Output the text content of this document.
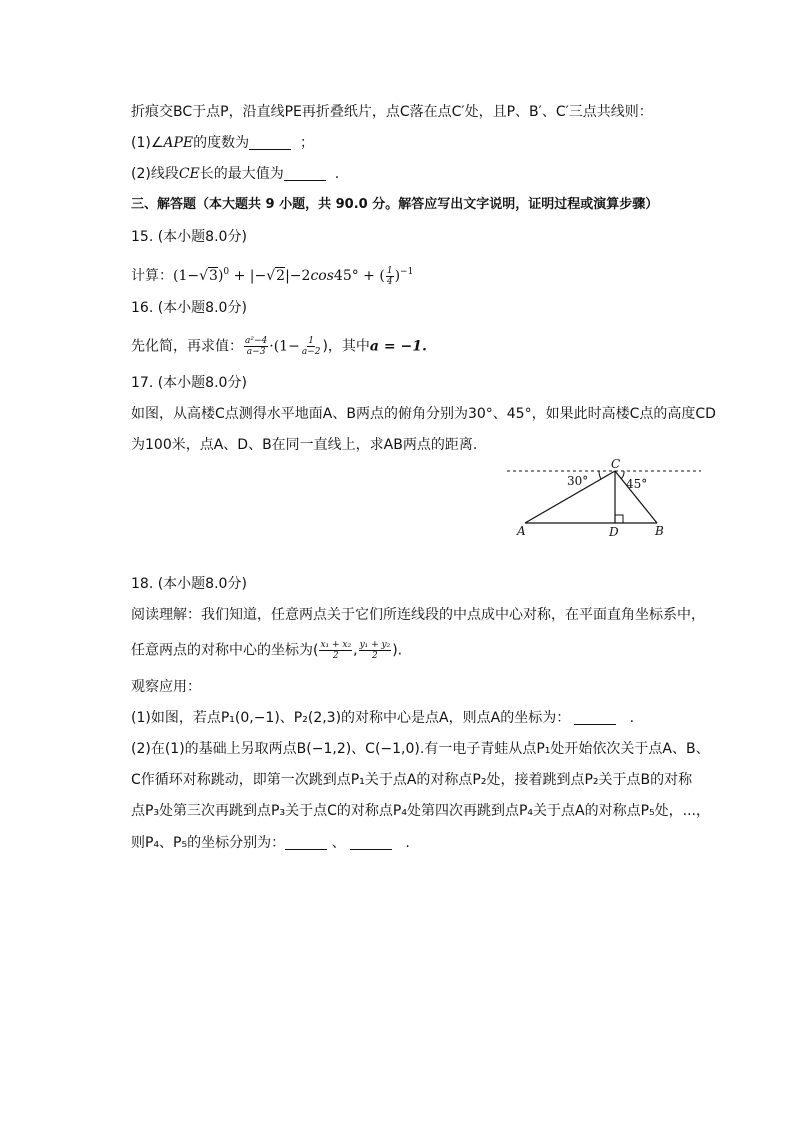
折痕交BC于点P，沿直线PE再折叠纸片，点C落在点C′处，且P、B′、C′三点共线则：
(1)∠APE的度数为	；
(2)线段CE长的最大值为	.
三、解答题（本大题共 9 小题，共 90.0 分。解答应写出文字说明，证明过程或演算步骤）
15. (本小题8.0分)
计算：$(1-√3)^0 + |-√2|-2\cos 45^\circ$ + ( $\frac{1}{4} )^{-1}$
16. (本小题8.0分)
先化简，再求值： $\frac{\text{a²−4}}{a-3} \cdot(1- \frac{1}{a-2}$ )，其中a = −1.
17. (本小题8.0分)
如图，从高楼C点测得水平地面A、B两点的俯角分别为30°、45°，如果此时高楼C点的高度CD
为100米，点A、D、B在同一直线上，求AB两点的距离.
C
A	D	B
30°	45°
18. (本小题8.0分)
阅读理解：我们知道，任意两点关于它们所连线段的中点成中心对称，在平面直角坐标系中，
任意两点的对称中心的坐标为( $\frac{\text{x₁ + x₂}}{2}$ , $\frac{\text{y₁ + y₂}}{2}$ ).
观察应用：
(1)如图，若点P₁(0,−1)、P₂(2,3)的对称中心是点A，则点A的坐标为：	.
(2)在(1)的基础上另取两点B(−1,2)、C(−1,0).有一电子青蛙从点P₁处开始依次关于点A、B、
C作循环对称跳动，即第一次跳到点P₁关于点A的对称点P₂处，接着跳到点P₂关于点B的对称
点P₃处第三次再跳到点P₃关于点C的对称点P₄处第四次再跳到点P₄关于点A的对称点P₅处，...，
则P₄、P₅的坐标分别为：	、	.
